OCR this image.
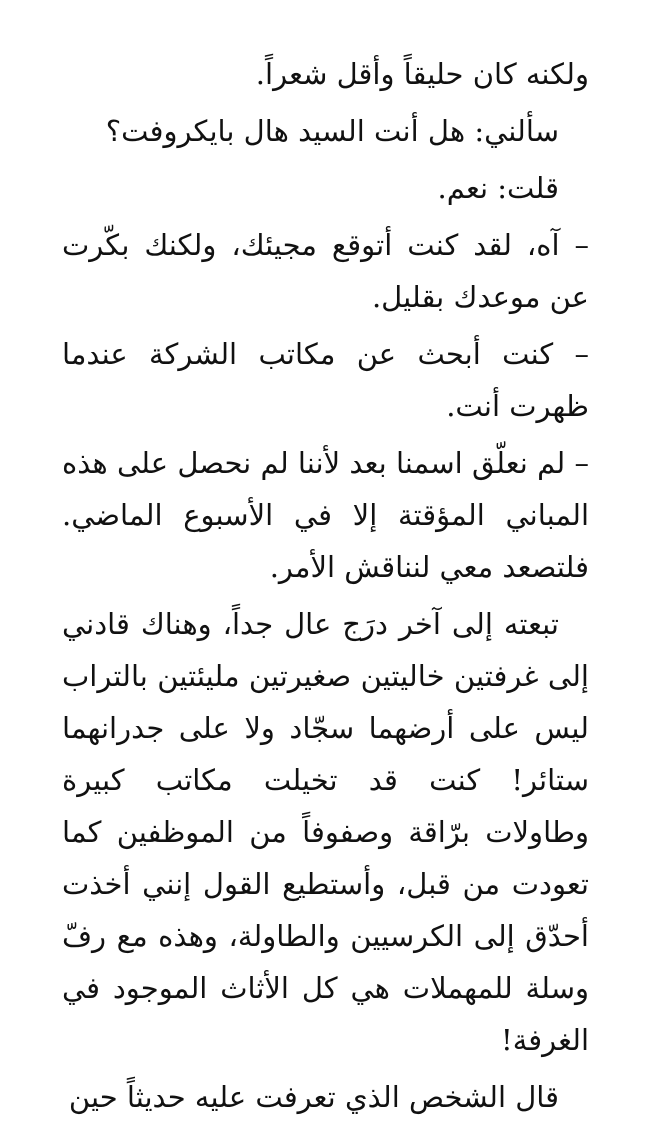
ولكنه كان حليقاً وأقل شعراً.

سألني: هل أنت السيد هال بايكروفت؟

قلت: نعم.

– آه، لقد كنت أتوقع مجيئك، ولكنك بكّرت عن موعدك بقليل.

– كنت أبحث عن مكاتب الشركة عندما ظهرت أنت.

– لم نعلّق اسمنا بعد لأننا لم نحصل على هذه المباني المؤقتة إلا في الأسبوع الماضي. فلتصعد معي لنناقش الأمر.

تبعته إلى آخر درَج عال جداً، وهناك قادني إلى غرفتين خاليتين صغيرتين مليئتين بالتراب ليس على أرضهما سجّاد ولا على جدرانهما ستائر! كنت قد تخيلت مكاتب كبيرة وطاولات برّاقة وصفوفاً من الموظفين كما تعودت من قبل، وأستطيع القول إنني أخذت أحدّق إلى الكرسيين والطاولة، وهذه مع رفّ وسلة للمهملات هي كل الأثاث الموجود في الغرفة!

قال الشخص الذي تعرفت عليه حديثاً حين
